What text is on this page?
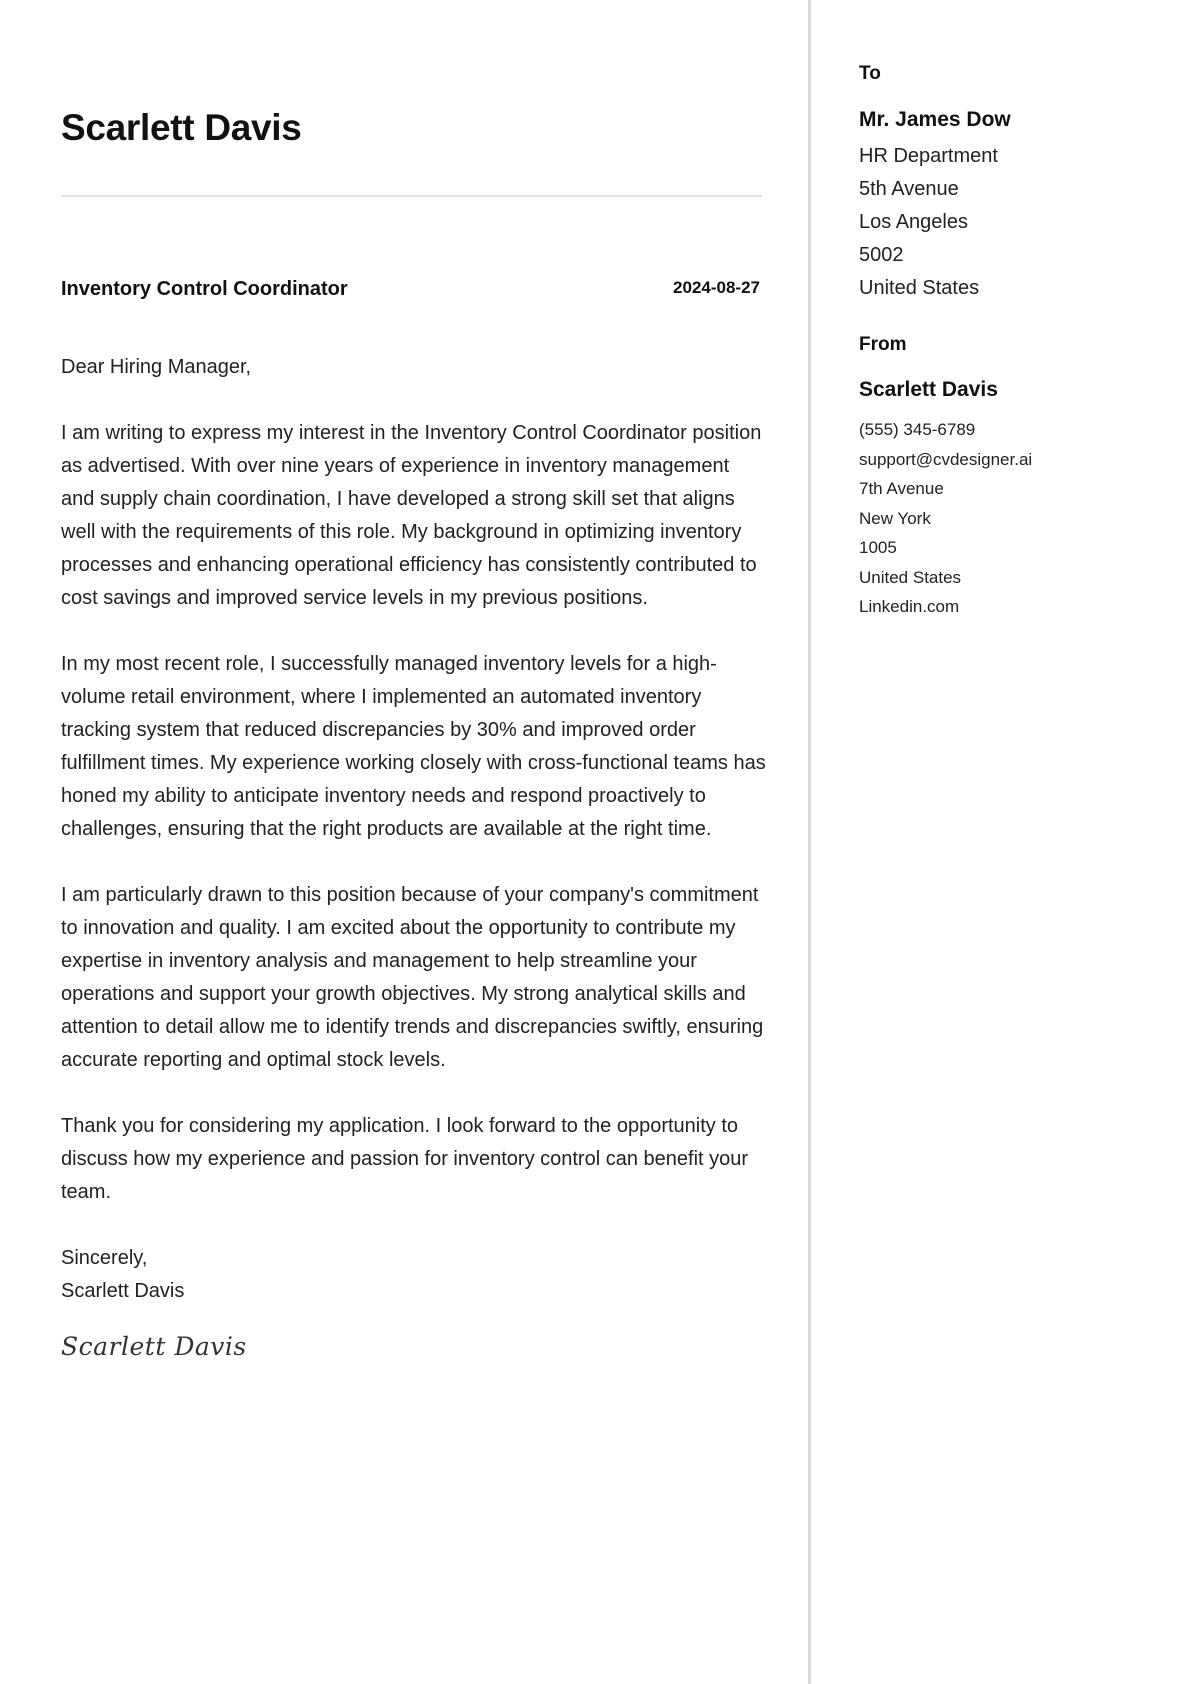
Scarlett Davis
Inventory Control Coordinator	2024-08-27

Dear Hiring Manager,

I am writing to express my interest in the Inventory Control Coordinator position as advertised. With over nine years of experience in inventory management and supply chain coordination, I have developed a strong skill set that aligns well with the requirements of this role. My background in optimizing inventory processes and enhancing operational efficiency has consistently contributed to cost savings and improved service levels in my previous positions.

In my most recent role, I successfully managed inventory levels for a high-volume retail environment, where I implemented an automated inventory tracking system that reduced discrepancies by 30% and improved order fulfillment times. My experience working closely with cross-functional teams has honed my ability to anticipate inventory needs and respond proactively to challenges, ensuring that the right products are available at the right time.

I am particularly drawn to this position because of your company's commitment to innovation and quality. I am excited about the opportunity to contribute my expertise in inventory analysis and management to help streamline your operations and support your growth objectives. My strong analytical skills and attention to detail allow me to identify trends and discrepancies swiftly, ensuring accurate reporting and optimal stock levels.

Thank you for considering my application. I look forward to the opportunity to discuss how my experience and passion for inventory control can benefit your team.

Sincerely,

Scarlett Davis

Scarlett Davis
To
Mr. James Dow
HR Department
5th Avenue
Los Angeles
5002
United States
From
Scarlett Davis
(555) 345-6789
support@cvdesigner.ai
7th Avenue
New York
1005
United States
Linkedin.com
